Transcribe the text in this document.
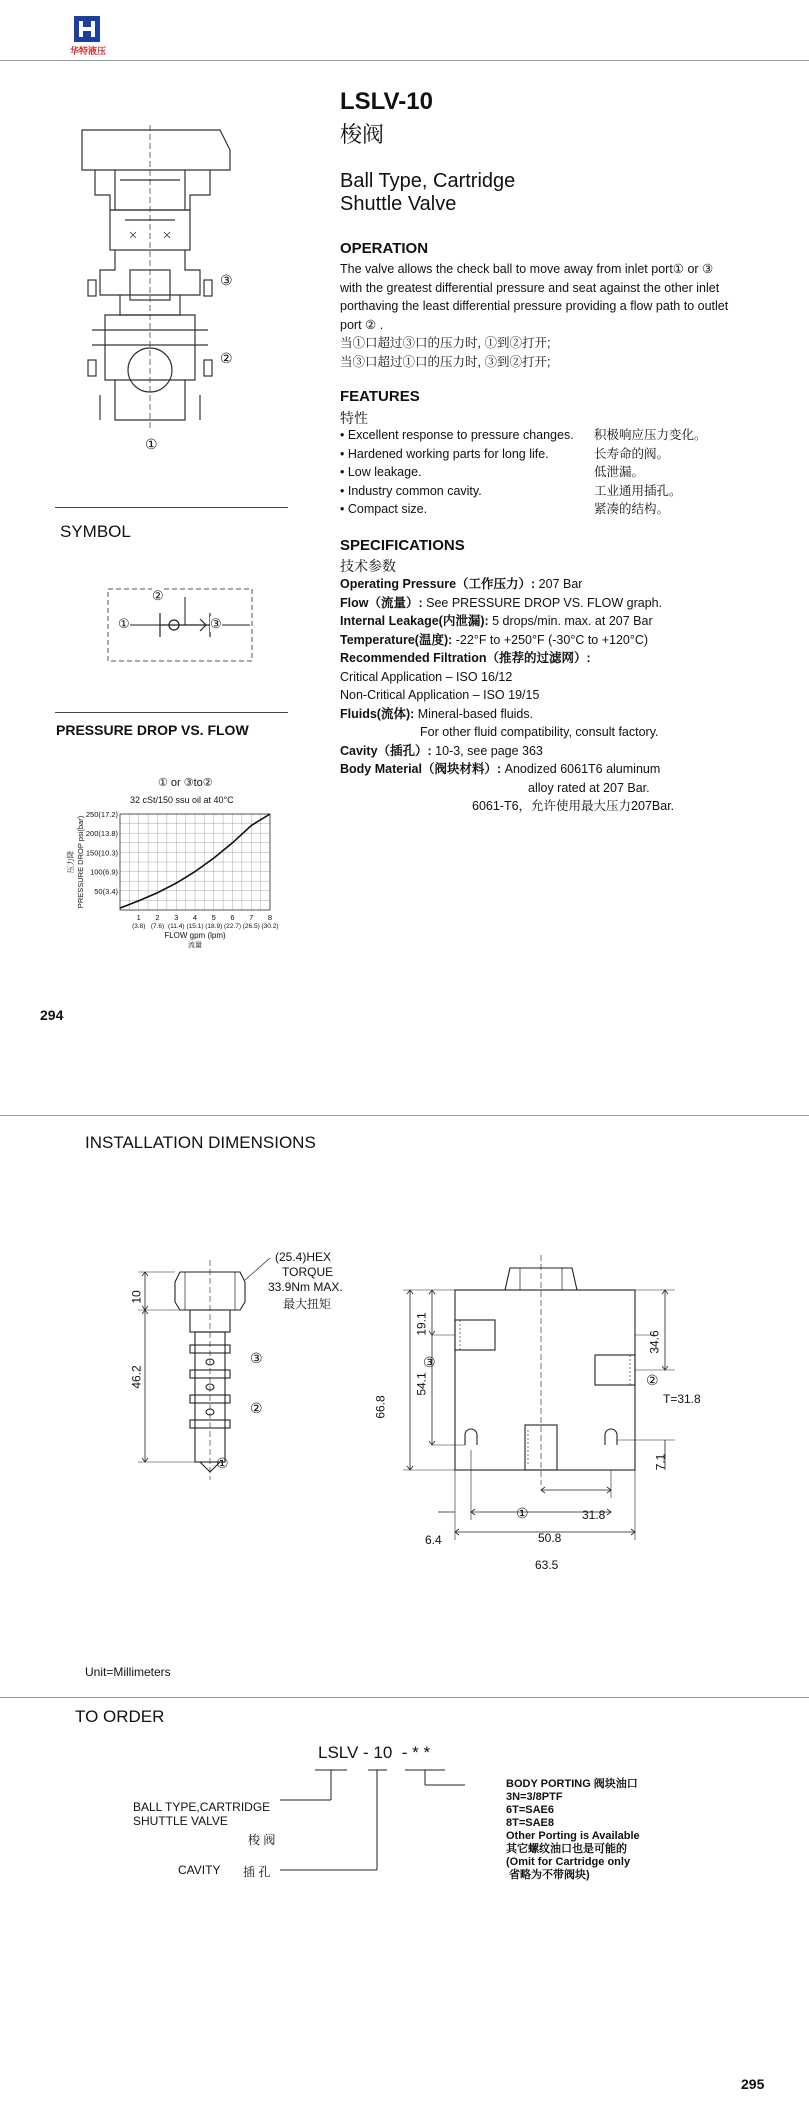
华特液压
LSLV-10
梭阀
Ball Type, Cartridge
Shuttle Valve
③
②
①
OPERATION
The valve allows the check ball to move away from inlet port① or ③
with the greatest differential pressure and seat against the other inlet
porthaving the least differential pressure providing a flow path to outlet
port ② .
当①口超过③口的压力时, ①到②打开;
当③口超过①口的压力时, ③到②打开;
FEATURES
特性
• Excellent response to pressure changes. 积极响应压力变化。
• Hardened working parts for long life.	长寿命的阀。
• Low leakage.	低泄漏。
• Industry common cavity.	工业通用插孔。
• Compact size.	紧凑的结构。
SYMBOL
②
①	③
PRESSURE DROP VS. FLOW
① or ③to②
32 cSt/150 ssu oil at 40°C
50(3.4)
100(6.9)
150(10.3)
200(13.8)
250(17.2)
1
(3.8)
2
(7.6)
3
(11.4)
4
(15.1)
5
(18.9)
6
(22.7)
7
(26.5)
8
(30.2)
FLOW gpm (lpm)
流量
压力降 PRESSURE DROP psi(bar)
294
SPECIFICATIONS
技术参数
Operating Pressure（工作压力）: 207 Bar
Flow（流量）: See PRESSURE DROP VS. FLOW graph.
Internal Leakage(内泄漏): 5 drops/min. max. at 207 Bar
Temperature(温度): -22°F to +250°F (-30°C to +120°C)
Recommended Filtration（推荐的过滤网）:
Critical Application – ISO 16/12
Non-Critical Application – ISO 19/15
Fluids(流体): Mineral-based fluids.
For other fluid compatibility, consult factory.
Cavity（插孔）: 10-3, see page 363
Body Material（阀块材料）: Anodized 6061T6 aluminum
alloy rated at 207 Bar.
6061-T6，允许使用最大压力207Bar.
INSTALLATION DIMENSIONS
(25.4)HEX
TORQUE
33.9Nm MAX.
最大扭矩
10
46.2
③
②
①
19.1
54.1
66.8
34.6
T=31.8
7.1
③
②
①	31.8
50.8
6.4
63.5
Unit=Millimeters
TO ORDER
LSLV - 10  - * *
BALL TYPE,CARTRIDGE
SHUTTLE VALVE
梭 阀
CAVITY 插 孔
BODY PORTING 阀块油口
3N=3/8PTF
6T=SAE6
8T=SAE8
Other Porting is Available
其它螺纹油口也是可能的
(Omit for Cartridge only
省略为不带阀块)
295
